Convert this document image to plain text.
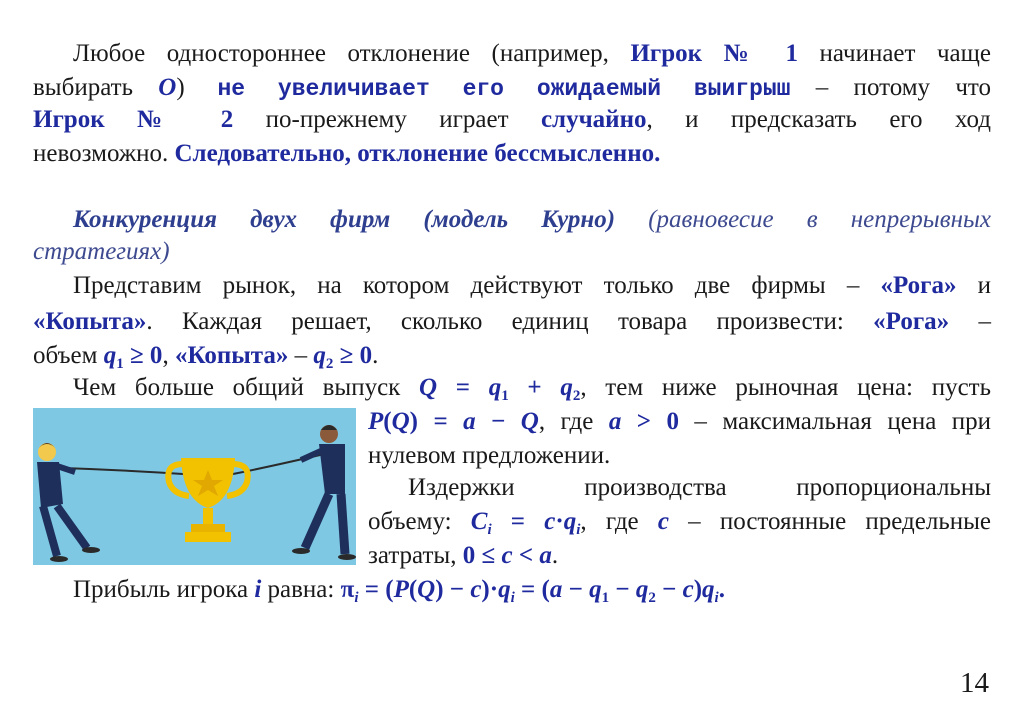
Любое одностороннее отклонение (например, Игрок № 1 начинает чаще
выбирать O) не увеличивает его ожидаемый выигрыш – потому что
Игрок № 2 по-прежнему играет случайно, и предсказать его ход
невозможно. Следовательно, отклонение бессмысленно.
Конкуренция двух фирм (модель Курно) (равновесие в непрерывных
стратегиях)
Представим рынок, на котором действуют только две фирмы – «Рога» и
«Копыта». Каждая решает, сколько единиц товара произвести: «Рога» –
объем $q_1 \ge 0$, «Копыта» – $q_2 \ge 0$.
Чем больше общий выпуск $Q = q_1 + q_2$, тем ниже рыночная цена: пусть
P(Q) = a − Q, где a > 0 – максимальная цена при
нулевом предложении.
Издержки производства пропорциональны
объему: $C_i = c\cdot q_i$, где c – постоянные предельные
затраты, 0 ≤ c < a.
Прибыль игрока i равна: $\pi_i = (P(Q) - c)\cdot q_i = (a - q_1 - q_2 - c)q_i$.
14
